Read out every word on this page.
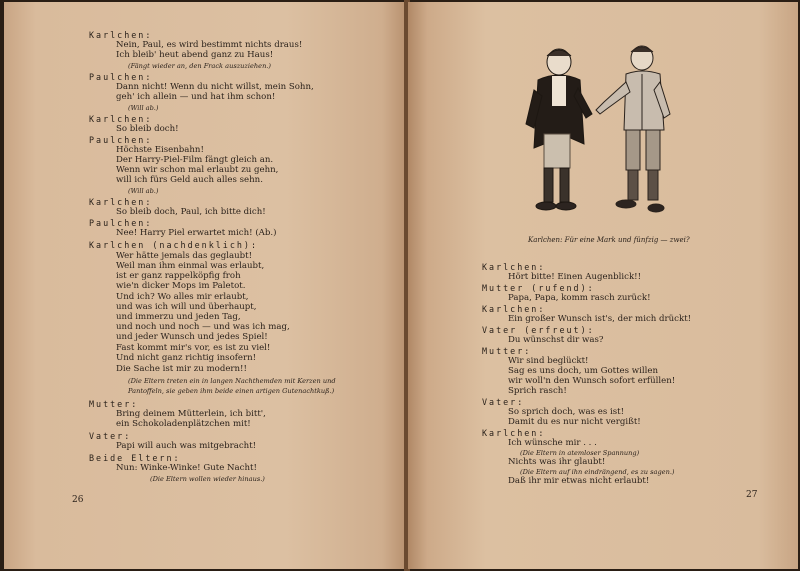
Karlchen:
Nein, Paul, es wird bestimmt nichts draus!
Ich bleib' heut abend ganz zu Haus!
(Fängt wieder an, den Frack auszuziehen.)
Paulchen:
Dann nicht! Wenn du nicht willst, mein Sohn,
geh' ich allein — und hat ihm schon!
(Will ab.)
Karlchen:
So bleib doch!
Paulchen:
Höchste Eisenbahn!
Der Harry-Piel-Film fängt gleich an.
Wenn wir schon mal erlaubt zu gehn,
will ich fürs Geld auch alles sehn.
(Will ab.)
Karlchen:
So bleib doch, Paul, ich bitte dich!
Paulchen:
Nee! Harry Piel erwartet mich! (Ab.)
Karlchen (nachdenklich):
Wer hätte jemals das geglaubt!
Weil man ihm einmal was erlaubt,
ist er ganz rappelköpfig froh
wie'n dicker Mops im Paletot.
Und ich? Wo alles mir erlaubt,
und was ich will und überhaupt,
und immerzu und jeden Tag,
und noch und noch — und was ich mag,
und jeder Wunsch und jedes Spiel!
Fast kommt mir's vor, es ist zu viel!
Und nicht ganz richtig insofern!
Die Sache ist mir zu modern!!
(Die Eltern treten ein in langen Nachthemden mit Kerzen und
Pantoffeln, sie geben ihm beide einen artigen Gutenachtkuß.)
Mutter:
Bring deinem Mütterlein, ich bitt',
ein Schokoladenplätzchen mit!
Vater:
Papi will auch was mitgebracht!
Beide Eltern:
Nun: Winke-Winke! Gute Nacht!
(Die Eltern wollen wieder hinaus.)
26
Karlchen: Für eine Mark und fünfzig — zwei?
Karlchen:
Hört bitte! Einen Augenblick!!
Mutter (rufend):
Papa, Papa, komm rasch zurück!
Karlchen:
Ein großer Wunsch ist's, der mich drückt!
Vater (erfreut):
Du wünschst dir was?
Mutter:
Wir sind beglückt!
Sag es uns doch, um Gottes willen
wir woll'n den Wunsch sofort erfüllen!
Sprich rasch!
Vater:
So sprich doch, was es ist!
Damit du es nur nicht vergißt!
Karlchen:
Ich wünsche mir . . .
(Die Eltern in atemloser Spannung)
Nichts was ihr glaubt!
(Die Eltern auf ihn eindrängend, es zu sagen.)
Daß ihr mir etwas nicht erlaubt!
27
